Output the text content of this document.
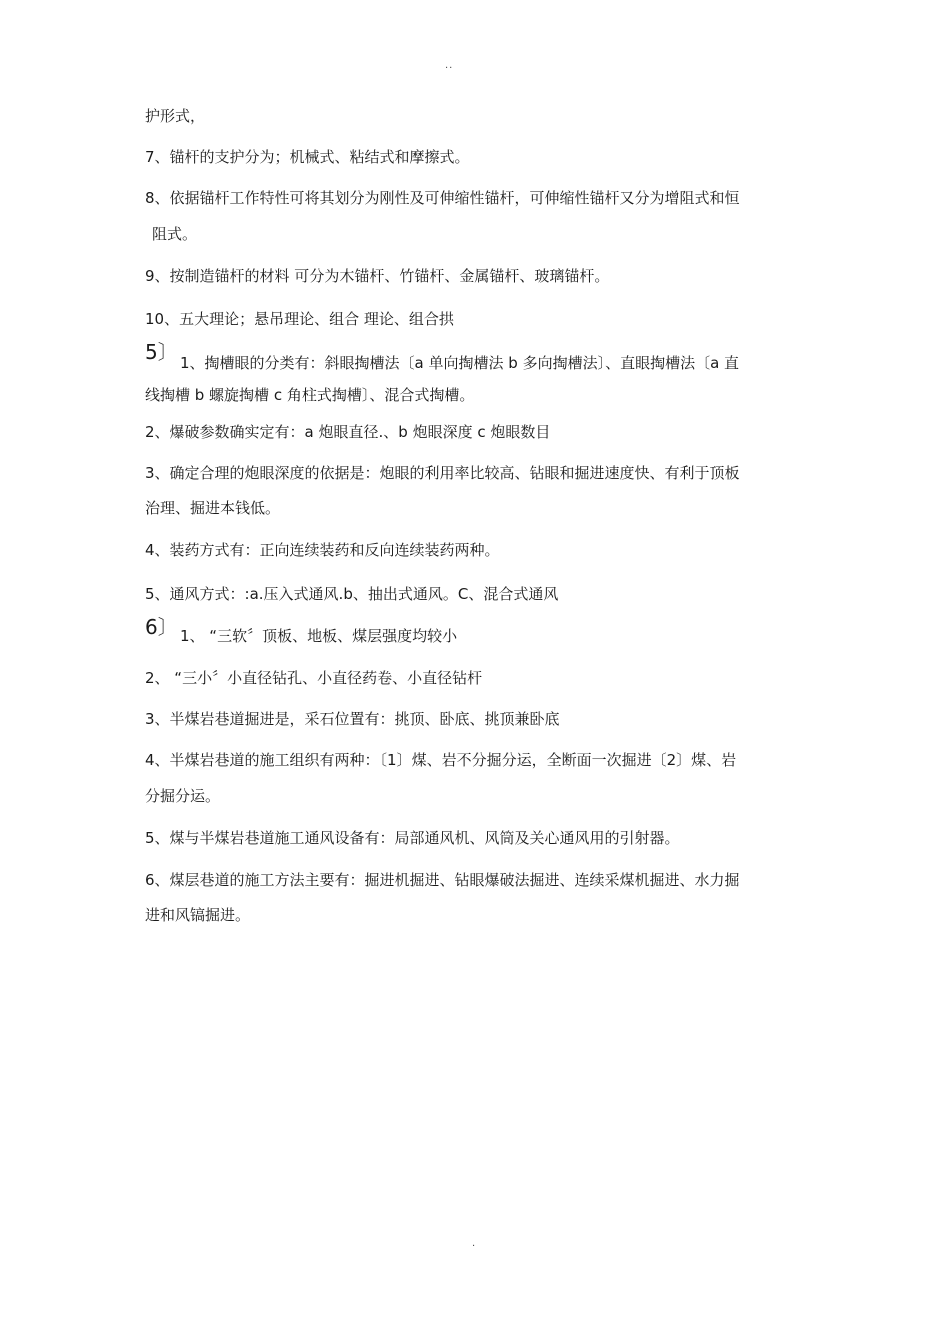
..
护形式，
7、锚杆的支护分为；机械式、粘结式和摩擦式。
8、依据锚杆工作特性可将其划分为刚性及可伸缩性锚杆，可伸缩性锚杆又分为增阻式和恒
阻式。
9、按制造锚杆的材料 可分为木锚杆、竹锚杆、金属锚杆、玻璃锚杆。
10、五大理论；悬吊理论、组合 理论、组合拱
5〕 1、掏槽眼的分类有：斜眼掏槽法〔a 单向掏槽法 b 多向掏槽法〕、直眼掏槽法〔a 直
线掏槽 b 螺旋掏槽 c 角柱式掏槽〕、混合式掏槽。
2、爆破参数确实定有：a 炮眼直径.、b 炮眼深度 c 炮眼数目
3、确定合理的炮眼深度的依据是：炮眼的利用率比较高、钻眼和掘进速度快、有利于顶板
治理、掘进本钱低。
4、装药方式有：正向连续装药和反向连续装药两种。
5、通风方式：:a.压入式通风.b、抽出式通风。C、混合式通风
6〕 1、 “三软〞顶板、地板、煤层强度均较小
2、 “三小〞小直径钻孔、小直径药卷、小直径钻杆
3、半煤岩巷道掘进是，采石位置有：挑顶、卧底、挑顶兼卧底
4、半煤岩巷道的施工组织有两种：〔1〕煤、岩不分掘分运，全断面一次掘进〔2〕煤、岩
分掘分运。
5、煤与半煤岩巷道施工通风设备有：局部通风机、风筒及关心通风用的引射器。
6、煤层巷道的施工方法主要有：掘进机掘进、钻眼爆破法掘进、连续采煤机掘进、水力掘
进和风镐掘进。
.
